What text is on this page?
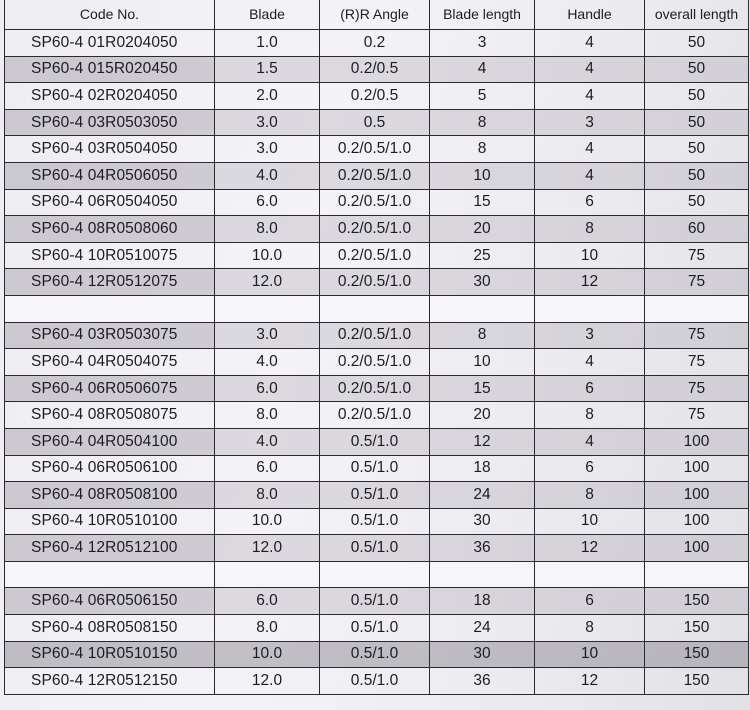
Code No.	Blade	(R)R Angle	Blade length	Handle	overall length
SP60-4 01R0204050	1.0	0.2	3	4	50
SP60-4 015R020450	1.5	0.2/0.5	4	4	50
SP60-4 02R0204050	2.0	0.2/0.5	5	4	50
SP60-4 03R0503050	3.0	0.5	8	3	50
SP60-4 03R0504050	3.0	0.2/0.5/1.0	8	4	50
SP60-4 04R0506050	4.0	0.2/0.5/1.0	10	4	50
SP60-4 06R0504050	6.0	0.2/0.5/1.0	15	6	50
SP60-4 08R0508060	8.0	0.2/0.5/1.0	20	8	60
SP60-4 10R0510075	10.0	0.2/0.5/1.0	25	10	75
SP60-4 12R0512075	12.0	0.2/0.5/1.0	30	12	75

SP60-4 03R0503075	3.0	0.2/0.5/1.0	8	3	75
SP60-4 04R0504075	4.0	0.2/0.5/1.0	10	4	75
SP60-4 06R0506075	6.0	0.2/0.5/1.0	15	6	75
SP60-4 08R0508075	8.0	0.2/0.5/1.0	20	8	75
SP60-4 04R0504100	4.0	0.5/1.0	12	4	100
SP60-4 06R0506100	6.0	0.5/1.0	18	6	100
SP60-4 08R0508100	8.0	0.5/1.0	24	8	100
SP60-4 10R0510100	10.0	0.5/1.0	30	10	100
SP60-4 12R0512100	12.0	0.5/1.0	36	12	100

SP60-4 06R0506150	6.0	0.5/1.0	18	6	150
SP60-4 08R0508150	8.0	0.5/1.0	24	8	150
SP60-4 10R0510150	10.0	0.5/1.0	30	10	150
SP60-4 12R0512150	12.0	0.5/1.0	36	12	150
